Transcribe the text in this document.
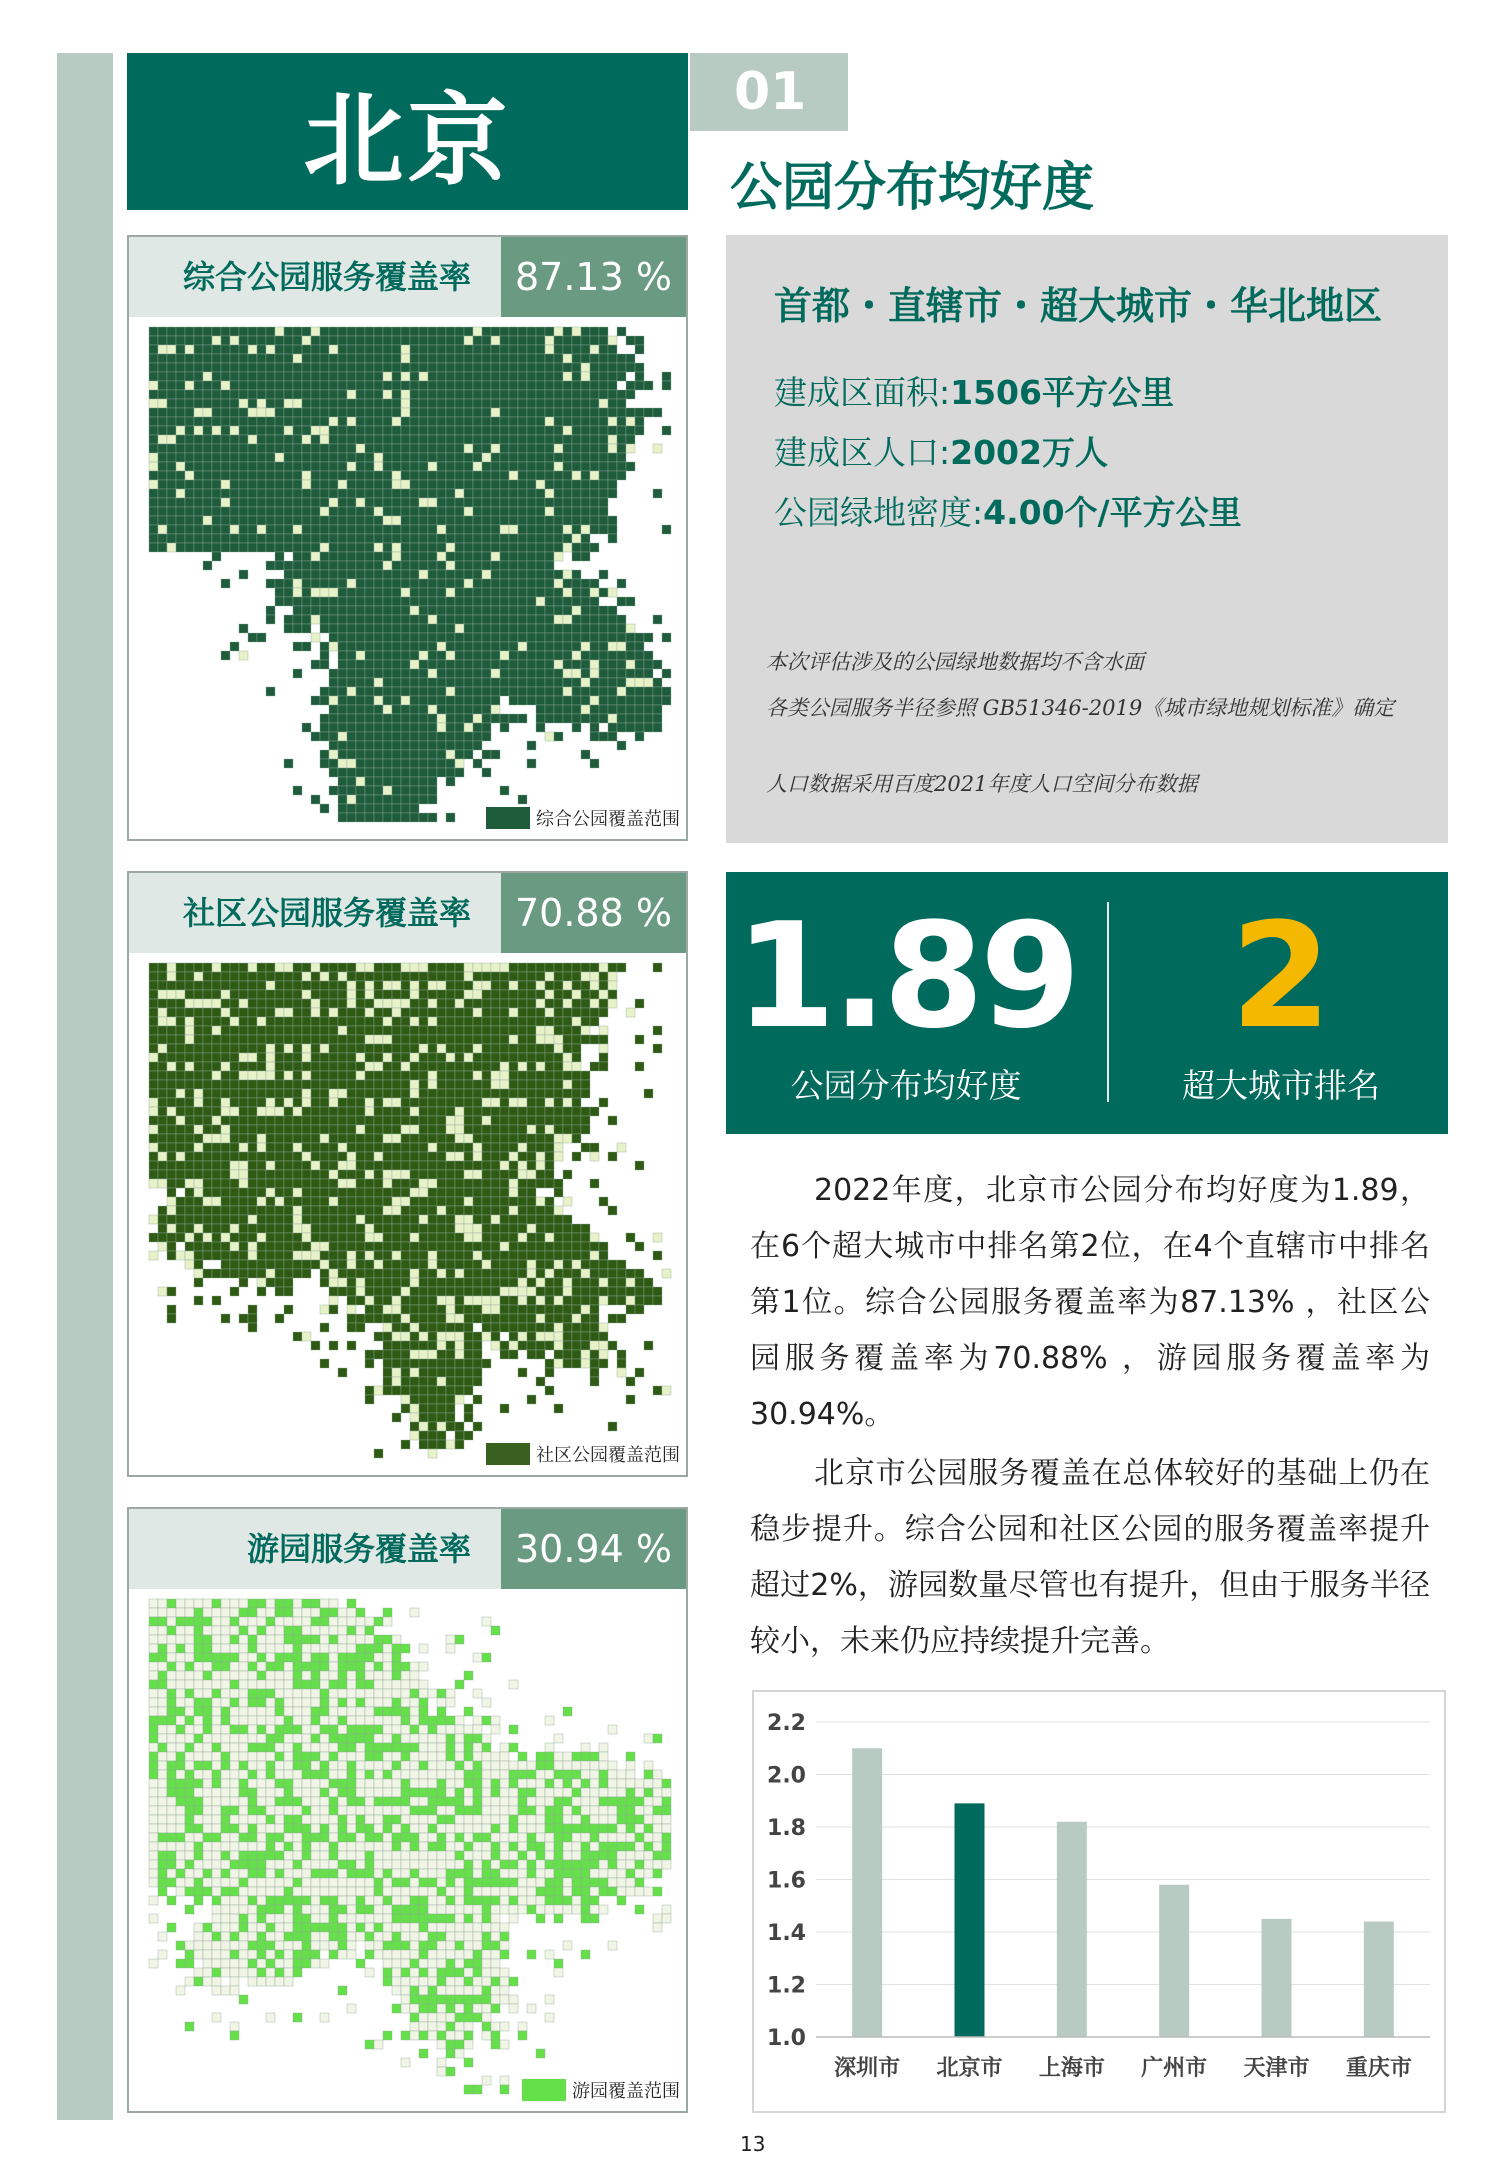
北京	01
公园分布均好度
综合公园服务覆盖率	87.13 %
综合公园覆盖范围
社区公园服务覆盖率	70.88 %
社区公园覆盖范围
游园服务覆盖率	30.94 %
游园覆盖范围
首都・直辖市・超大城市・华北地区
建成区面积:1506平方公里
建成区人口:2002万人
公园绿地密度:4.00个/平方公里
本次评估涉及的公园绿地数据均不含水面
各类公园服务半径参照 GB51346-2019《城市绿地规划标准》确定
人口数据采用百度2021年度人口空间分布数据
1.89
公园分布均好度
2
超大城市排名

2022年度，北京市公园分布均好度为1.89，在6个超大城市中排名第2位，在4个直辖市中排名第1位。综合公园服务覆盖率为87.13% ，社区公园服务覆盖率为70.88% ，游园服务覆盖率为30.94%。

北京市公园服务覆盖在总体较好的基础上仍在稳步提升。综合公园和社区公园的服务覆盖率提升超过2%，游园数量尽管也有提升，但由于服务半径较小，未来仍应持续提升完善。

1.0
1.2
1.4
1.6
1.8
2.0
2.2
深圳市 北京市 上海市 广州市 天津市 重庆市
13
